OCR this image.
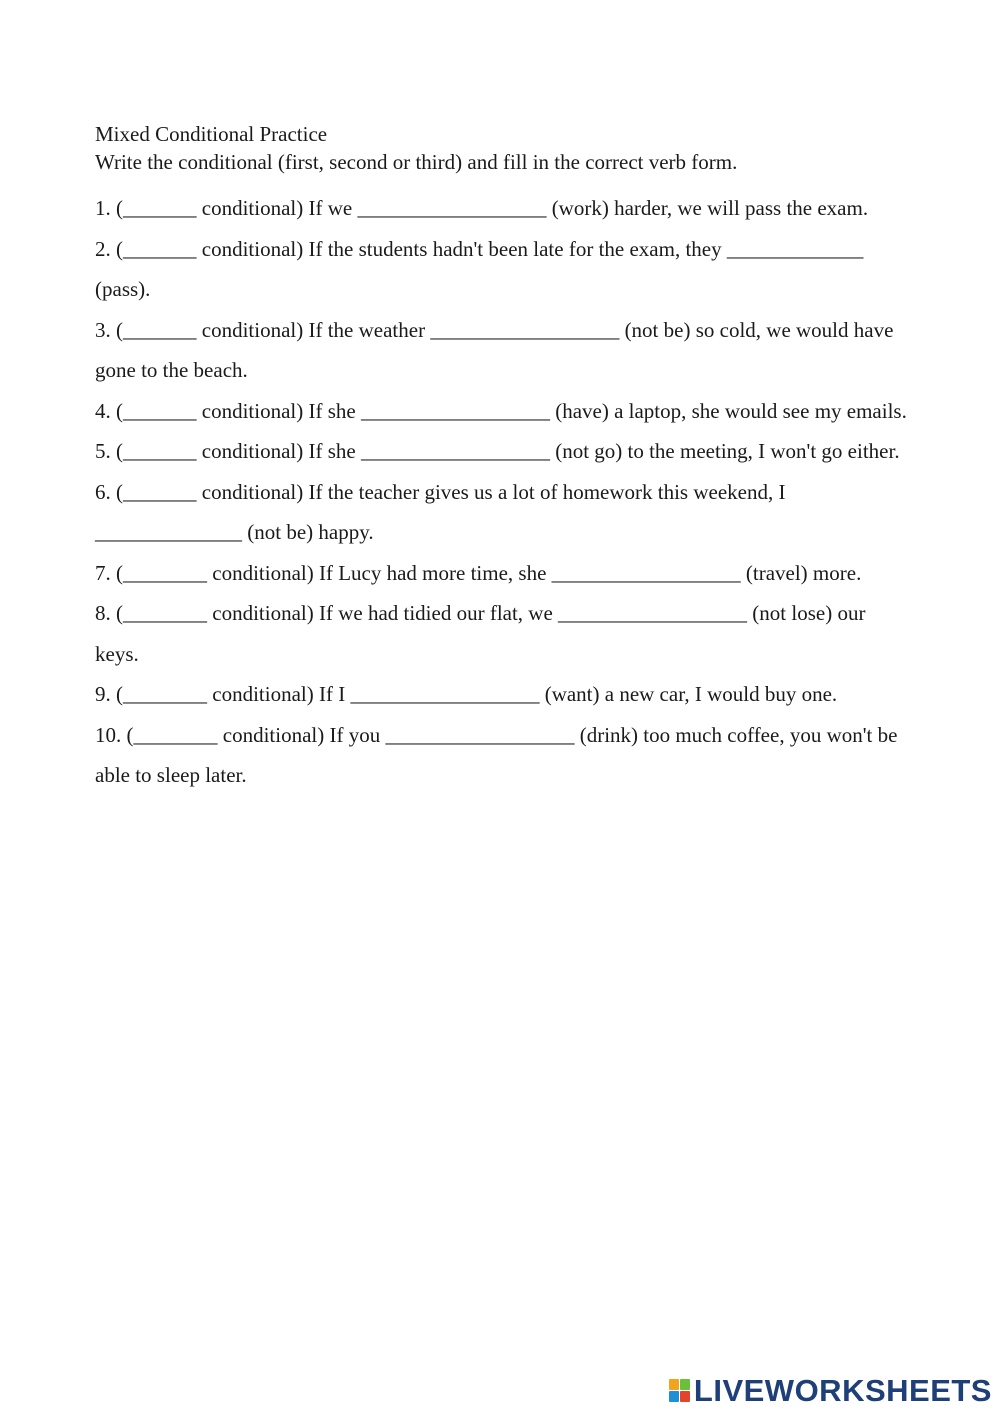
Mixed Conditional Practice

Write the conditional (first, second or third) and fill in the correct verb form.

1. (_______ conditional) If we __________________ (work) harder, we will pass the exam.
2. (_______ conditional) If the students hadn't been late for the exam, they _____________ (pass).
3. (_______ conditional) If the weather __________________ (not be) so cold, we would have gone to the beach.
4. (_______ conditional) If she __________________ (have) a laptop, she would see my emails.
5. (_______ conditional) If she __________________ (not go) to the meeting, I won't go either.
6. (_______ conditional) If the teacher gives us a lot of homework this weekend, I ______________ (not be) happy.
7. (________ conditional) If Lucy had more time, she __________________ (travel) more.
8. (________ conditional) If we had tidied our flat, we __________________ (not lose) our keys.
9. (________ conditional) If I __________________ (want) a new car, I would buy one.
10. (________ conditional) If you __________________ (drink) too much coffee, you won't be able to sleep later.
LIVEWORKSHEETS
